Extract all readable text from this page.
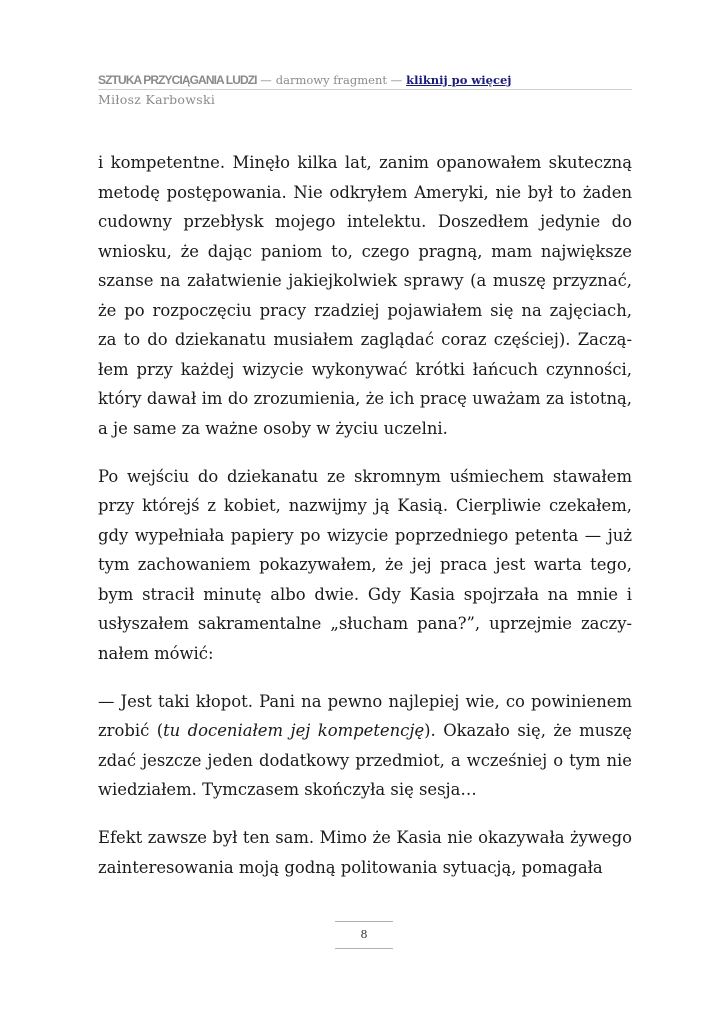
SZTUKA PRZYCIĄGANIA LUDZI — darmowy fragment — kliknij po więcej
Miłosz Karbowski

i kompetentne. Minęło kilka lat, zanim opanowałem skuteczną metodę postępowania. Nie odkryłem Ameryki, nie był to żaden cudowny przebłysk mojego intelektu. Doszedłem jedynie do wniosku, że dając paniom to, czego pragną, mam największe szanse na załatwienie jakiejkolwiek sprawy (a muszę przyznać, że po rozpoczęciu pracy rzadziej pojawiałem się na zajęciach, za to do dziekanatu musiałem zaglądać coraz częściej). Zacząłem przy każdej wizycie wykonywać krótki łańcuch czynności, który dawał im do zrozumienia, że ich pracę uważam za istotną, a je same za ważne osoby w życiu uczelni.

Po wejściu do dziekanatu ze skromnym uśmiechem stawałem przy którejś z kobiet, nazwijmy ją Kasią. Cierpliwie czekałem, gdy wypełniała papiery po wizycie poprzedniego petenta — już tym zachowaniem pokazywałem, że jej praca jest warta tego, bym stracił minutę albo dwie. Gdy Kasia spojrzała na mnie i usłyszałem sakramentalne „słucham pana?”, uprzejmie zaczynałem mówić:

— Jest taki kłopot. Pani na pewno najlepiej wie, co powinienem zrobić (tu doceniałem jej kompetencję). Okazało się, że muszę zdać jeszcze jeden dodatkowy przedmiot, a wcześniej o tym nie wiedziałem. Tymczasem skończyła się sesja…

Efekt zawsze był ten sam. Mimo że Kasia nie okazywała żywego zainteresowania moją godną politowania sytuacją, pomagała

8
